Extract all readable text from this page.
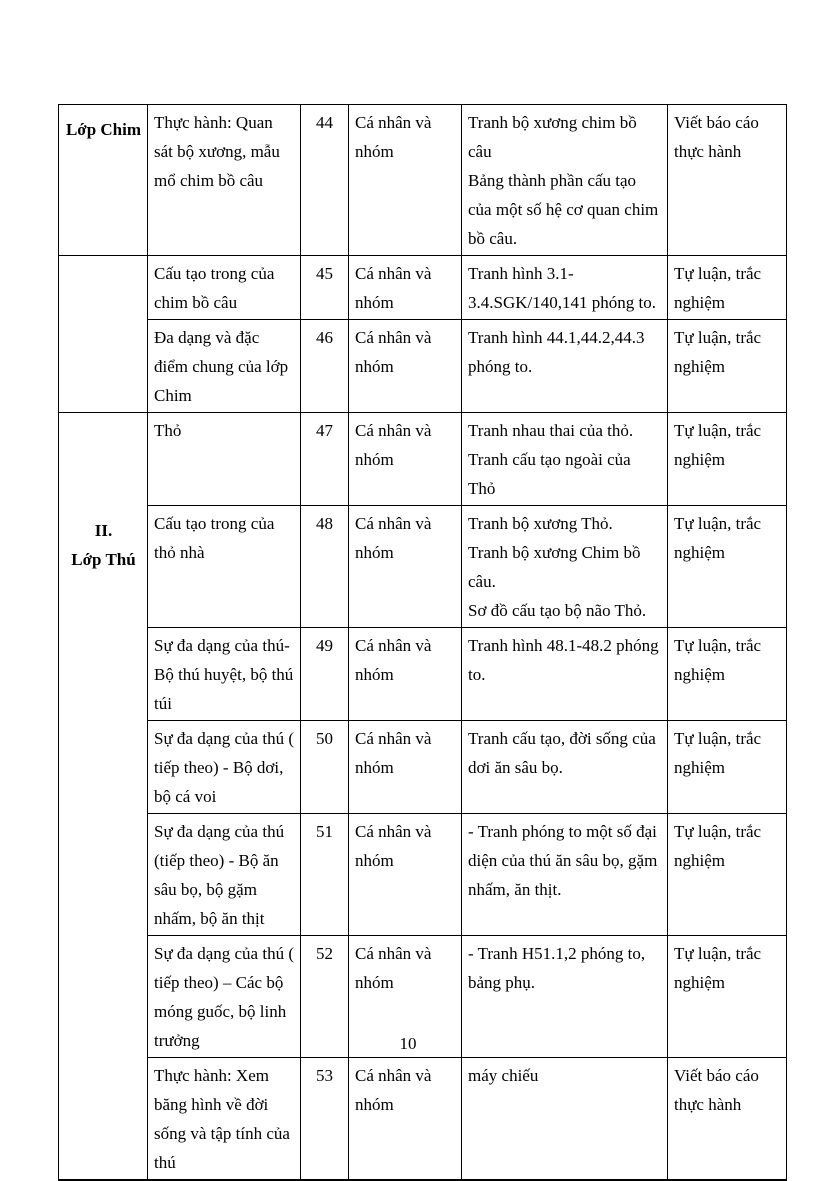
Lớp Chim	Thực hành: Quan sát bộ xương, mẫu mổ chim bồ câu	44	Cá nhân và nhóm	Tranh bộ xương chim bồ câu
Bảng thành phần cấu tạo của một số hệ cơ quan chim bồ câu.	Viết báo cáo thực hành
	Cấu tạo trong của chim bồ câu	45	Cá nhân và nhóm	Tranh hình 3.1-3.4.SGK/140,141 phóng to.	Tự luận, trắc nghiệm
	Đa dạng và đặc điểm chung của lớp Chim	46	Cá nhân và nhóm	Tranh hình 44.1,44.2,44.3 phóng to.	Tự luận, trắc nghiệm
	Thỏ	47	Cá nhân và nhóm	Tranh nhau thai của thỏ.
Tranh cấu tạo ngoài của Thỏ	Tự luận, trắc nghiệm

II.
Lớp Thú	Cấu tạo trong của thỏ nhà	48	Cá nhân và nhóm	Tranh bộ xương Thỏ.
Tranh bộ xương Chim bồ câu.
Sơ đồ cấu tạo bộ não Thỏ.	Tự luận, trắc nghiệm
	Sự đa dạng của thú- Bộ thú huyệt, bộ thú túi	49	Cá nhân và nhóm	Tranh hình 48.1-48.2 phóng to.	Tự luận, trắc nghiệm
	Sự đa dạng của thú ( tiếp theo) - Bộ dơi, bộ cá voi	50	Cá nhân và nhóm	Tranh cấu tạo, đời sống của dơi ăn sâu bọ.	Tự luận, trắc nghiệm
	Sự đa dạng của thú (tiếp theo) - Bộ ăn sâu bọ, bộ gặm nhấm, bộ ăn thịt	51	Cá nhân và nhóm	- Tranh phóng to một số đại diện của thú ăn sâu bọ, gặm nhấm, ăn thịt.	Tự luận, trắc nghiệm
	Sự đa dạng của thú ( tiếp theo) – Các bộ móng guốc, bộ linh trưởng	52	Cá nhân và nhóm	- Tranh H51.1,2 phóng to, bảng phụ.	Tự luận, trắc nghiệm
	Thực hành: Xem băng hình về đời sống và tập tính của thú	53	Cá nhân và nhóm	máy chiếu	Viết báo cáo thực hành
10
